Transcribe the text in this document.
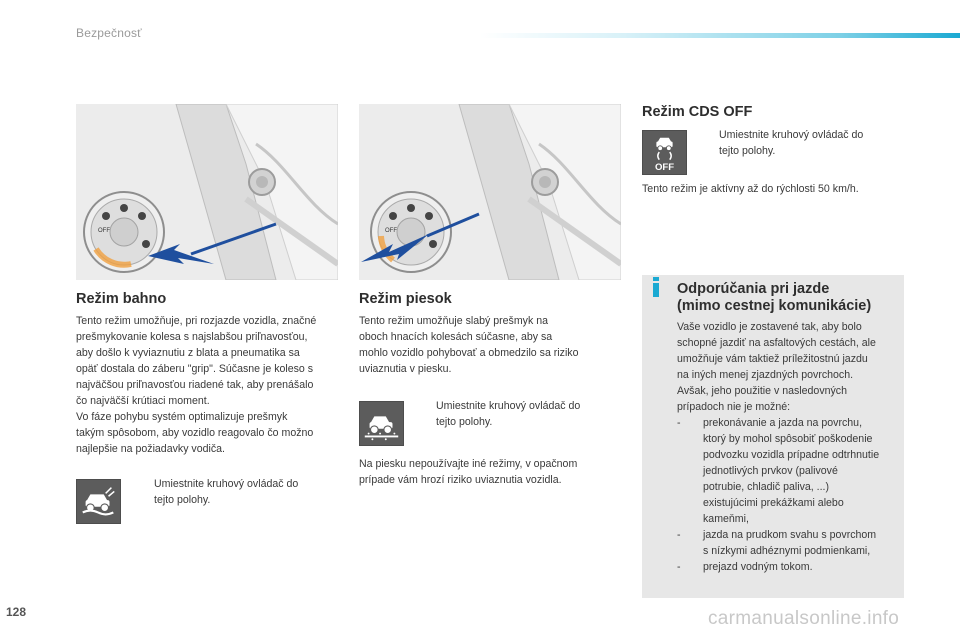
Bezpečnosť
OFF	OFF
Režim bahno
Tento režim umožňuje, pri rozjazde vozidla, značné
prešmykovanie kolesa s najslabšou priľnavosťou,
aby došlo k vyviaznutiu z blata a pneumatika sa
opäť dostala do záberu "grip". Súčasne je koleso s
najväčšou priľnavosťou riadené tak, aby prenášalo
čo najväčší krútiaci moment.
Vo fáze pohybu systém optimalizuje prešmyk
takým spôsobom, aby vozidlo reagovalo čo možno
najlepšie na požiadavky vodiča.
Umiestnite kruhový ovládač do
tejto polohy.
Režim piesok
Tento režim umožňuje slabý prešmyk na
oboch hnacích kolesách súčasne, aby sa
mohlo vozidlo pohybovať a obmedzilo sa riziko
uviaznutia v piesku.
Umiestnite kruhový ovládač do
tejto polohy.
Na piesku nepoužívajte iné režimy, v opačnom
prípade vám hrozí riziko uviaznutia vozidla.
Režim CDS OFF
OFF
Umiestnite kruhový ovládač do
tejto polohy.
Tento režim je aktívny až do rýchlosti 50 km/h.
Odporúčania pri jazde
(mimo cestnej komunikácie)
Vaše vozidlo je zostavené tak, aby bolo
schopné jazdiť na asfaltových cestách, ale
umožňuje vám taktiež príležitostnú jazdu
na iných menej zjazdných povrchoch.
Avšak, jeho použitie v nasledovných
prípadoch nie je možné:
- prekonávanie a jazda na povrchu,
ktorý by mohol spôsobiť poškodenie
podvozku vozidla prípadne odtrhnutie
jednotlivých prvkov (palivové
potrubie, chladič paliva, ...)
existujúcimi prekážkami alebo
kameňmi,
- jazda na prudkom svahu s povrchom
s nízkymi adhéznymi podmienkami,
- prejazd vodným tokom.
128	carmanualsonline.info
